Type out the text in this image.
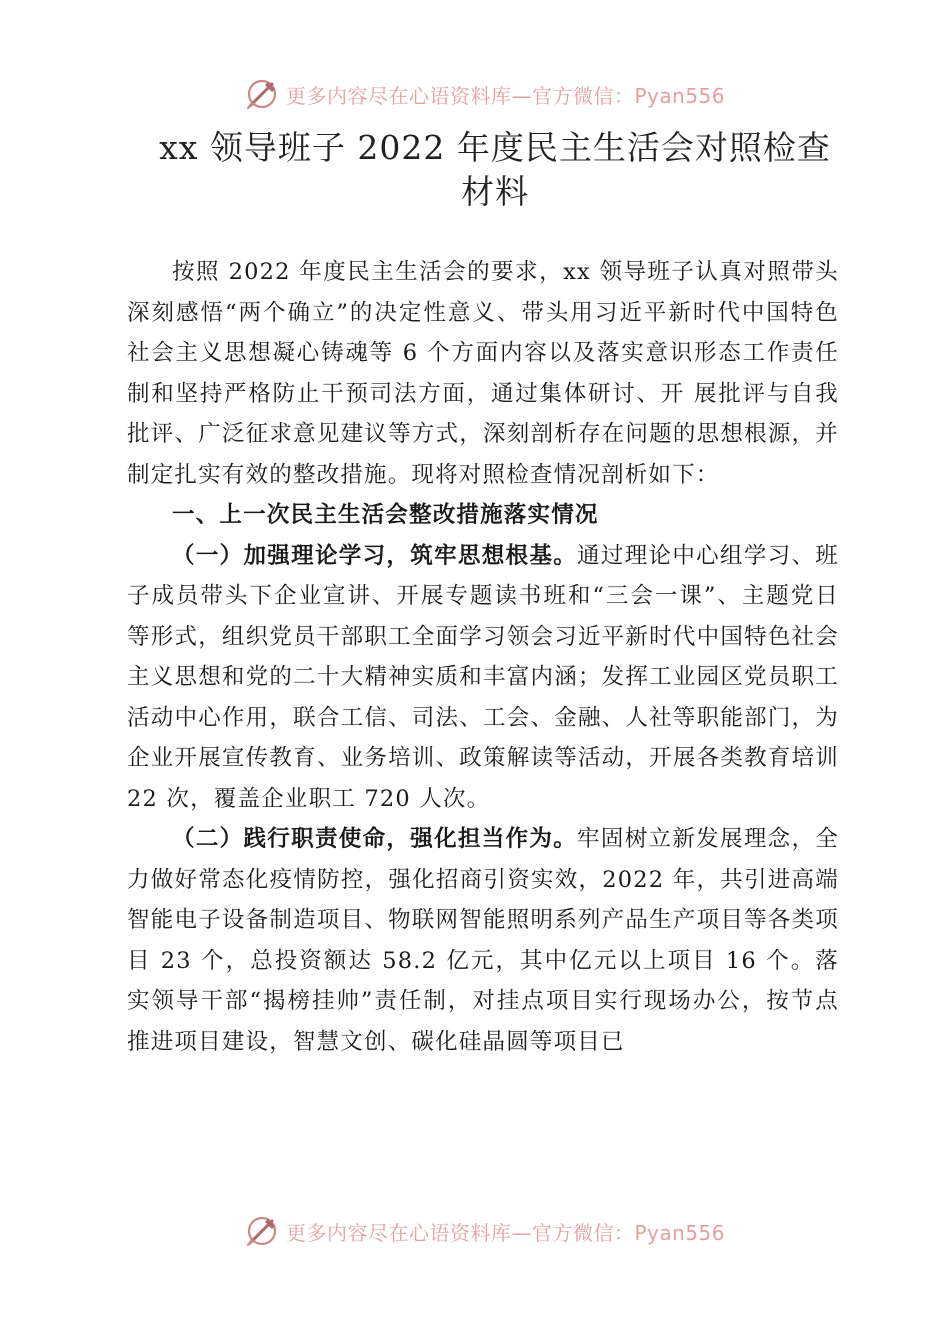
更多内容尽在心语资料库—官方微信：Pyan556
xx 领导班子 2022 年度民主生活会对照检查
材料

按照 2022 年度民主生活会的要求，xx 领导班子认真对照带头深刻感悟“两个确立”的决定性意义、带头用习近平新时代中国特色社会主义思想凝心铸魂等 6 个方面内容以及落实意识形态工作责任制和坚持严格防止干预司法方面，通过集体研讨、开 展批评与自我批评、广泛征求意见建议等方式，深刻剖析存在问题的思想根源，并制定扎实有效的整改措施。现将对照检查情况剖析如下：

一、上一次民主生活会整改措施落实情况

（一）加强理论学习，筑牢思想根基。通过理论中心组学习、班子成员带头下企业宣讲、开展专题读书班和“三会一课”、主题党日等形式，组织党员干部职工全面学习领会习近平新时代中国特色社会主义思想和党的二十大精神实质和丰富内涵；发挥工业园区党员职工活动中心作用，联合工信、司法、工会、金融、人社等职能部门，为企业开展宣传教育、业务培训、政策解读等活动，开展各类教育培训 22 次，覆盖企业职工 720 人次。

（二）践行职责使命，强化担当作为。牢固树立新发展理念，全力做好常态化疫情防控，强化招商引资实效，2022 年，共引进高端智能电子设备制造项目、物联网智能照明系列产品生产项目等各类项目 23 个，总投资额达 58.2 亿元，其中亿元以上项目 16 个。落实领导干部“揭榜挂帅”责任制，对挂点项目实行现场办公，按节点推进项目建设，智慧文创、碳化硅晶圆等项目已

更多内容尽在心语资料库—官方微信：Pyan556
